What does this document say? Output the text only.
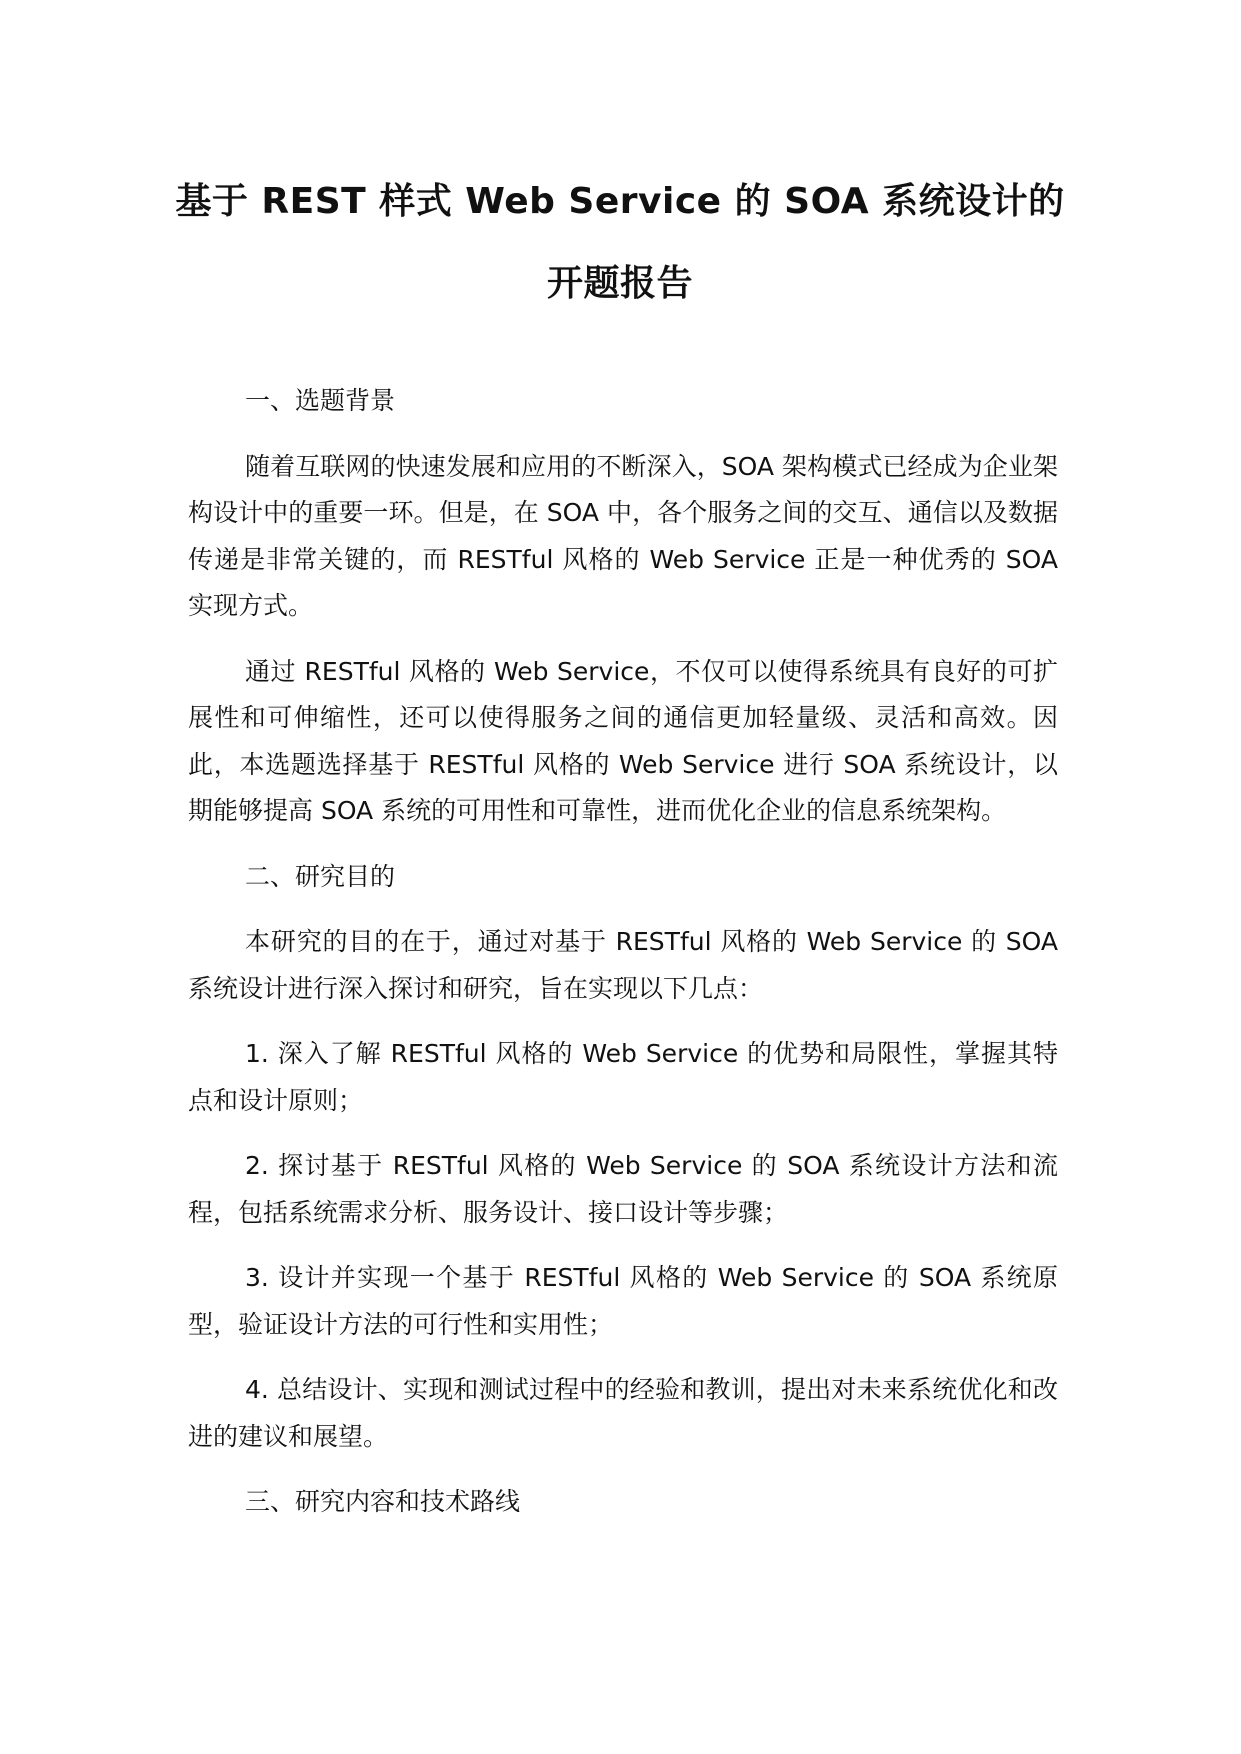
基于 REST 样式 Web Service 的 SOA 系统设计的
开题报告
一、选题背景

随着互联网的快速发展和应用的不断深入，SOA 架构模式已经成为企业架构设计中的重要一环。但是，在 SOA 中，各个服务之间的交互、通信以及数据传递是非常关键的，而 RESTful 风格的 Web Service 正是一种优秀的 SOA 实现方式。

通过 RESTful 风格的 Web Service，不仅可以使得系统具有良好的可扩展性和可伸缩性，还可以使得服务之间的通信更加轻量级、灵活和高效。因此，本选题选择基于 RESTful 风格的 Web Service 进行 SOA 系统设计，以期能够提高 SOA 系统的可用性和可靠性，进而优化企业的信息系统架构。

二、研究目的

本研究的目的在于，通过对基于 RESTful 风格的 Web Service 的 SOA 系统设计进行深入探讨和研究，旨在实现以下几点：

1. 深入了解 RESTful 风格的 Web Service 的优势和局限性，掌握其特点和设计原则；

2. 探讨基于 RESTful 风格的 Web Service 的 SOA 系统设计方法和流程，包括系统需求分析、服务设计、接口设计等步骤；

3. 设计并实现一个基于 RESTful 风格的 Web Service 的 SOA 系统原型，验证设计方法的可行性和实用性；

4. 总结设计、实现和测试过程中的经验和教训，提出对未来系统优化和改进的建议和展望。

三、研究内容和技术路线
